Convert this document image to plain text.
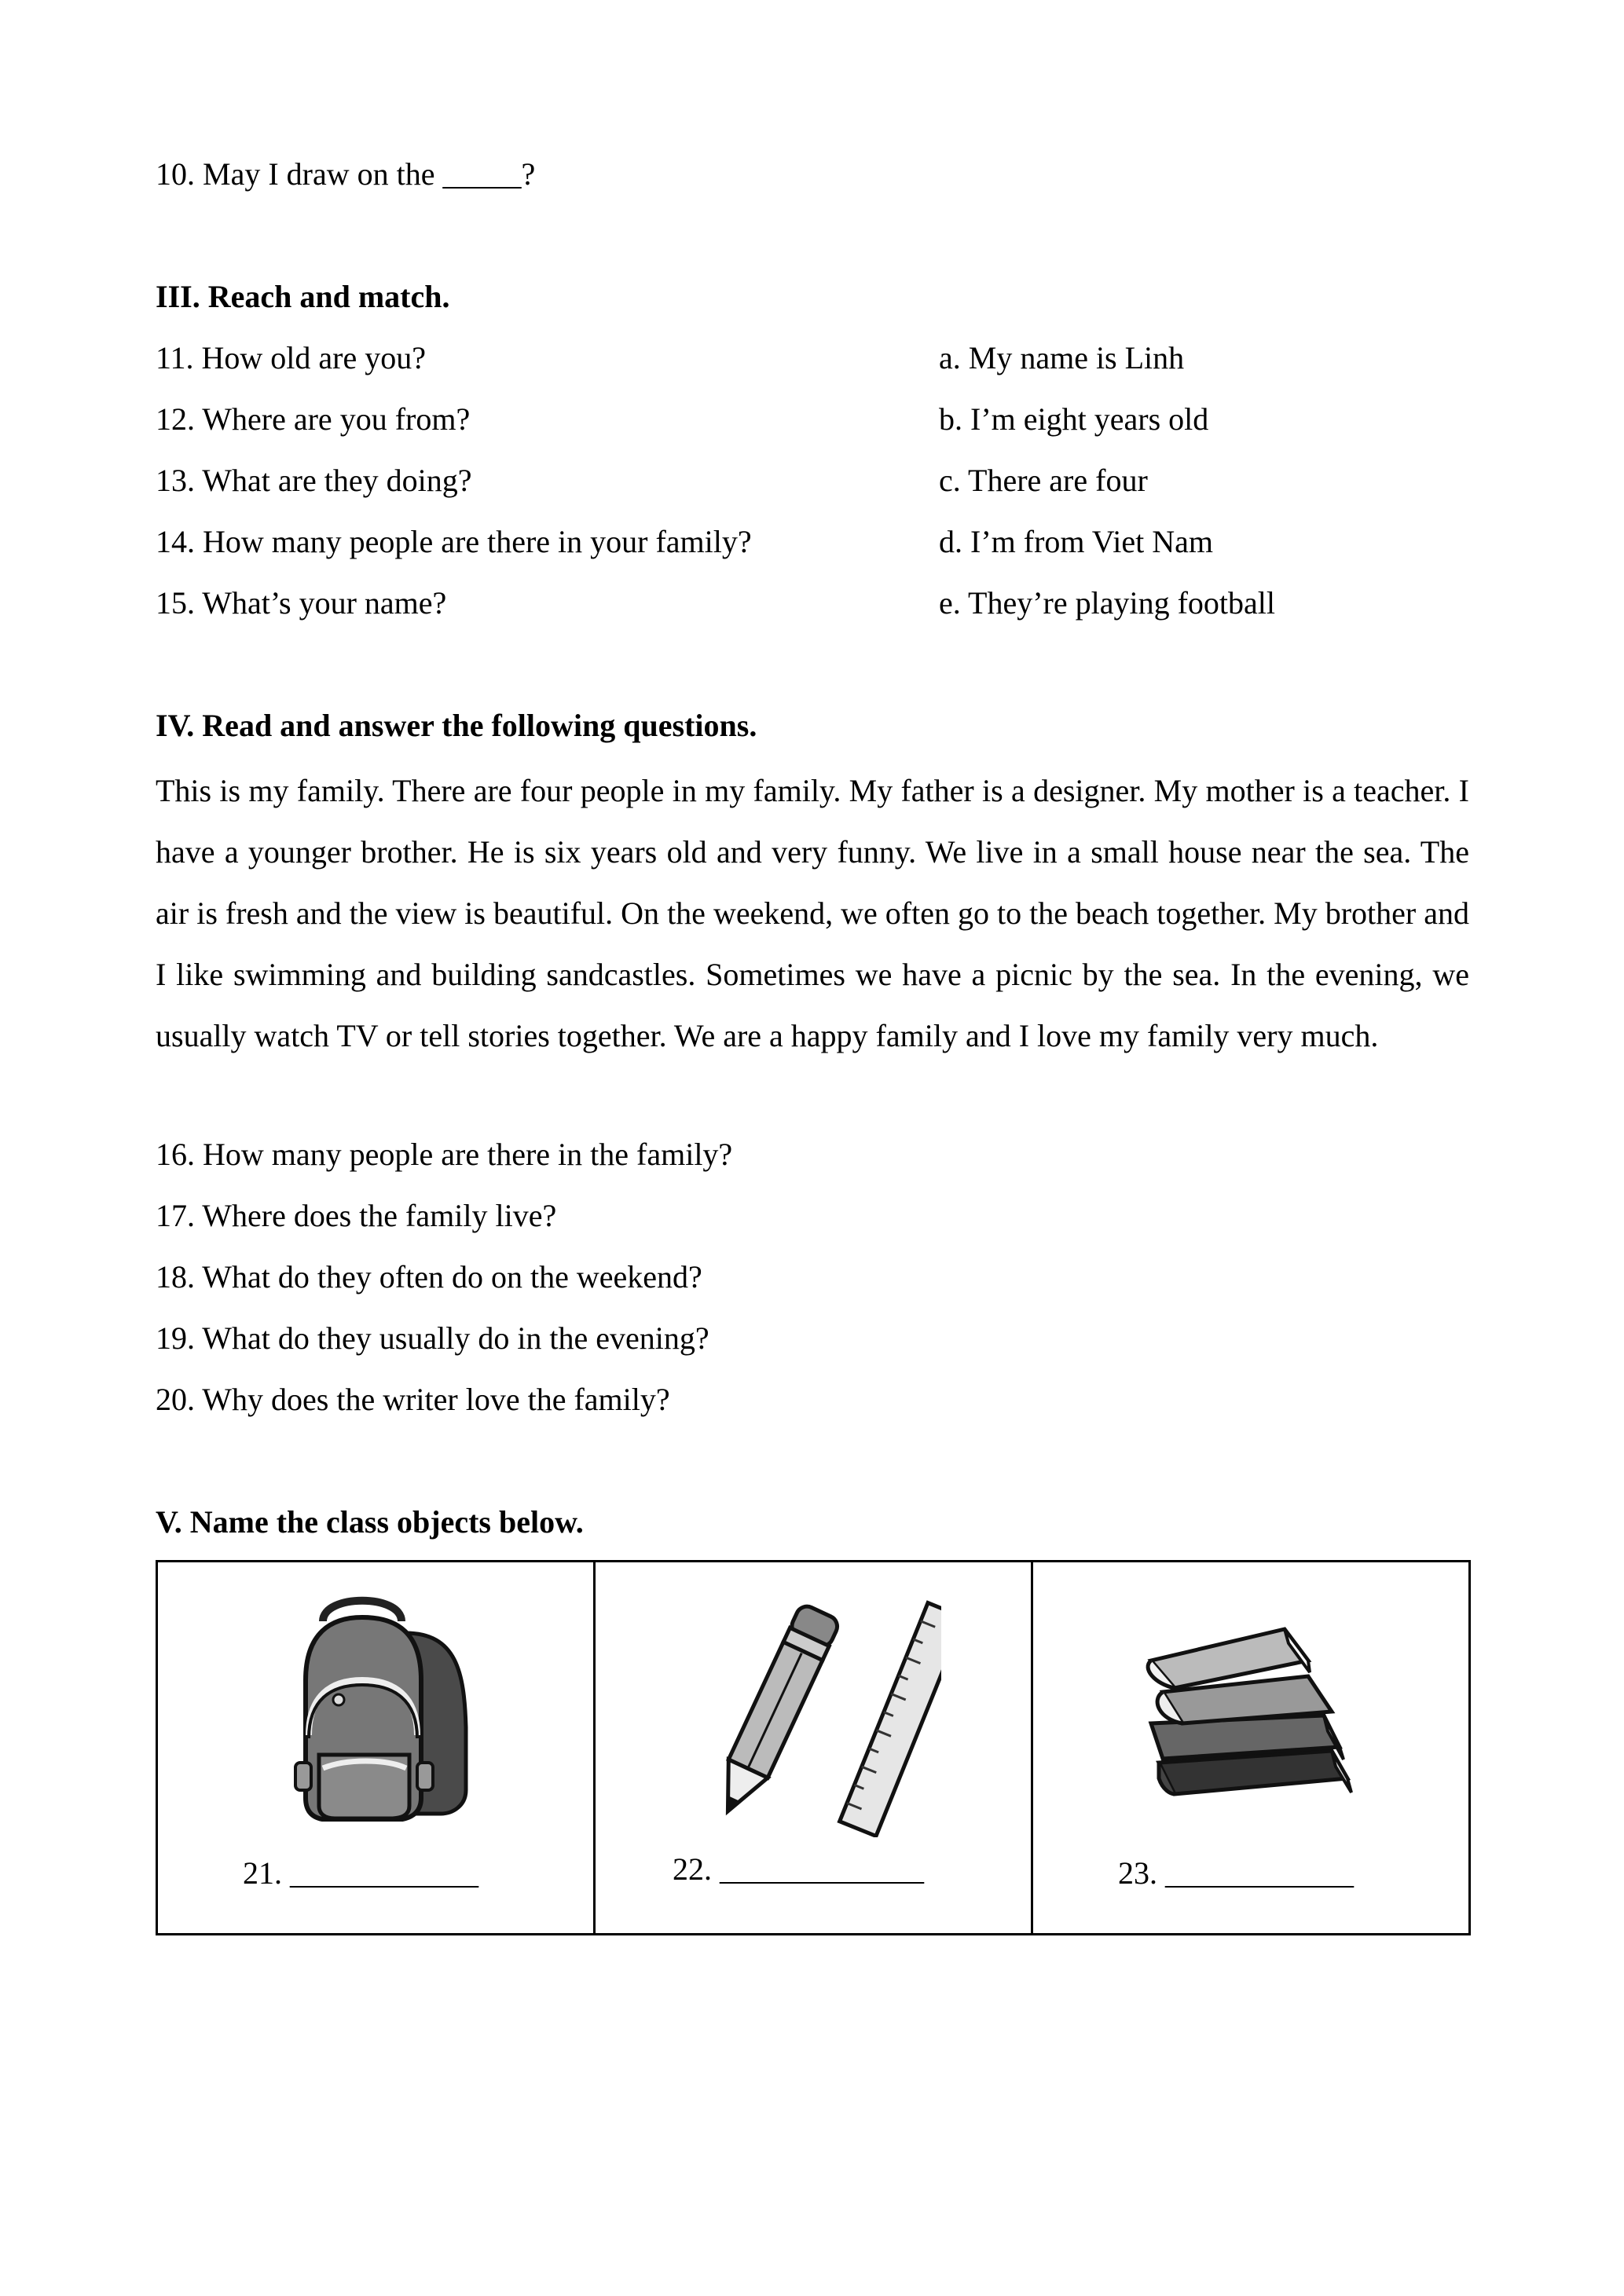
10. May I draw on the _____?
III. Reach and match.
11. How old are you?
12. Where are you from?
13. What are they doing?
14. How many people are there in your family?
15. What’s your name?
a. My name is Linh
b. I’m eight years old
c. There are four
d. I’m from Viet Nam
e. They’re playing football
IV. Read and answer the following questions.

This is my family. There are four people in my family. My father is a designer. My mother is a teacher. I have a younger brother. He is six years old and very funny. We live in a small house near the sea. The air is fresh and the view is beautiful. On the weekend, we often go to the beach together. My brother and I like swimming and building sandcastles. Sometimes we have a picnic by the sea. In the evening, we usually watch TV or tell stories together. We are a happy family and I love my family very much.

16. How many people are there in the family?
17. Where does the family live?
18. What do they often do on the weekend?
19. What do they usually do in the evening?
20. Why does the writer love the family?
V. Name the class objects below.
21. ____________	22. _____________	23. ____________
